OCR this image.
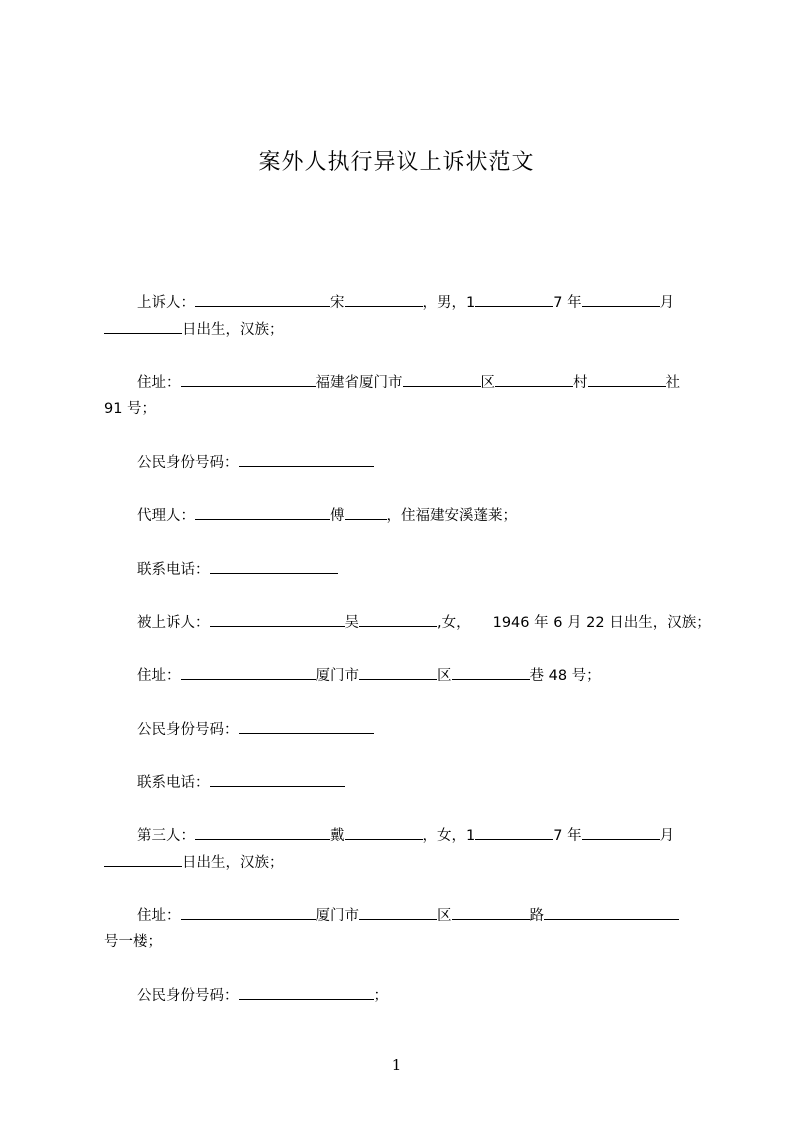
案外人执行异议上诉状范文
上诉人：	宋	，男，1	7 年	月
日出生，汉族；
住址：	福建省厦门市	区	村	社
91 号；
公民身份号码：
代理人：	傅	，住福建安溪蓬莱；
联系电话：
被上诉人：	吴	,女， 1946 年 6 月 22 日出生，汉族；
住址：	厦门市	区	巷 48 号；
公民身份号码：
联系电话：
第三人：	戴	，女，1	7 年	月
日出生，汉族；
住址：	厦门市	区	路
号一楼；
公民身份号码：	；
1
